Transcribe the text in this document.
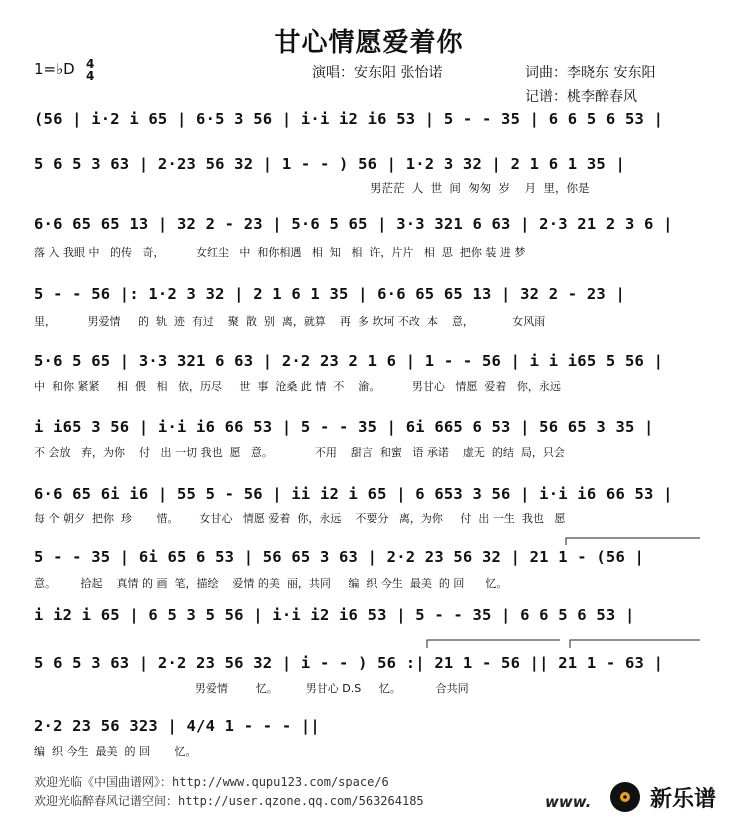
甘心情愿爱着你
1=♭D 4
4	演唱：安东阳 张怡诺	词曲：李晓东 安东阳
记谱：桃李醉春风
(56 | i·2 i 65 | 6·5 3 56 | i·i i2 i6 53 | 5 - - 35 | 6 6 5 6 53 |
5 6 5 3 63 | 2·23 56 32 | 1 - - ) 56 | 1·2 3 32 | 2 1 6 1 35 |
男茫茫  人  世  间  匆匆  岁    月  里，你是
6·6 65 65 13 | 32 2 - 23 | 5·6 5 65 | 3·3 321 6 63 | 2·3 21 2 3 6 |
落 入 我眼 中   的传   奇，         女红尘   中  和你相遇   相  知   相  许，片片   相  思  把你 装 进 梦
5 - - 56 |: 1·2 3 32 | 2 1 6 1 35 | 6·6 65 65 13 | 32 2 - 23 |
里，         男爱情     的  轨  迹  有过    聚  散  别  离，就算    再  多 坎坷 不改  本    意，           女风雨
5·6 5 65 | 3·3 321 6 63 | 2·2 23 2 1 6 | 1 - - 56 | i i i65 5 56 |
中  和你 紧紧     相  偎   相   依，历尽     世  事  沧桑 此 情  不    渝。         男甘心   情愿  爱着   你，永远
i i65 3 56 | i·i i6 66 53 | 5 - - 35 | 6i 665 6 53 | 56 65 3 35 |
不 会放   弃，为你    付   出 一切 我也  愿   意。            不用    甜言  和蜜   语 承诺    虚无  的结  局，只会
6·6 65 6i i6 | 55 5 - 56 | ii i2 i 65 | 6 653 3 56 | i·i i6 66 53 |
每 个 朝夕  把你  珍       惜。      女甘心   情愿 爱着  你，永远    不要分   离，为你     付  出 一生  我也   愿
5 - - 35 | 6i 65 6 53 | 56 65 3 63 | 2·2 23 56 32 | 21 1 - (56 |
意。       拾起    真情 的 画  笔，描绘    爱情 的美  丽，共同     编  织 今生  最美  的 回      忆。
i i2 i 65 | 6 5 3 5 56 | i·i i2 i6 53 | 5 - - 35 | 6 6 5 6 53 |
5 6 5 3 63 | 2·2 23 56 32 | i - - ) 56 :| 21 1 - 56 || 21 1 - 63 |
男爱情        忆。        男甘心 D.S     忆。          合共同
2·2 23 56 323 | 4/4 1 - - - ||
编  织 今生  最美  的 回       忆。
欢迎光临《中国曲谱网》：http://www.qupu123.com/space/6
欢迎光临醉春风记谱空间：http://user.qzone.qq.com/563264185	www.	新乐谱
